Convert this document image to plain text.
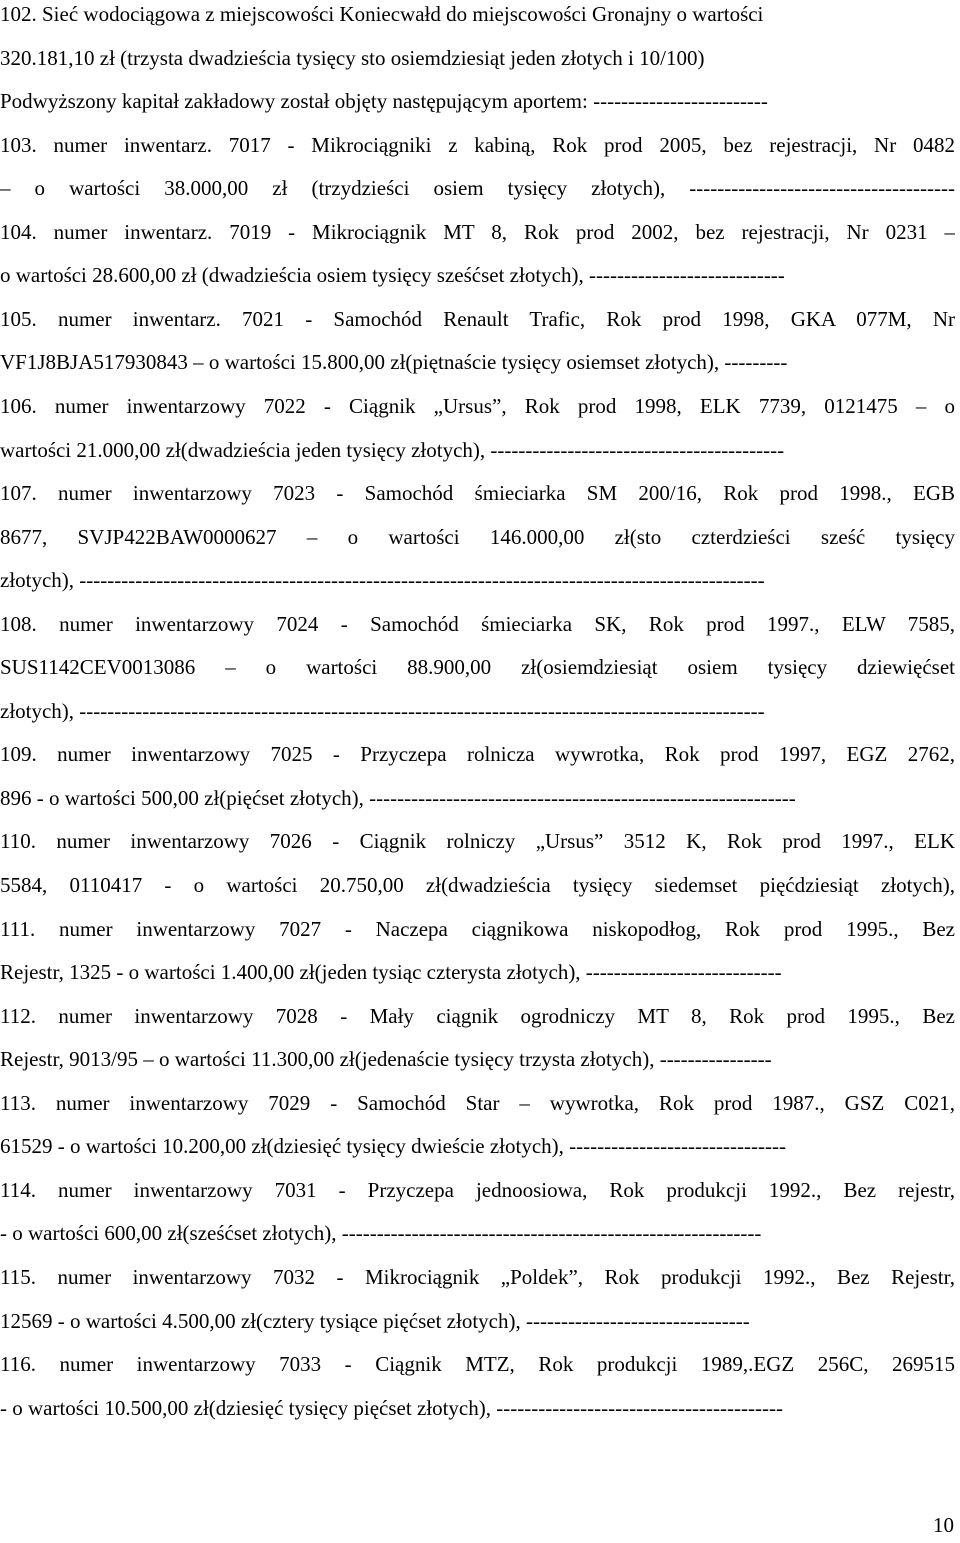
102. Sieć wodociągowa z miejscowości Koniecwałd do miejscowości Gronajny o wartości
320.181,10 zł (trzysta dwadzieścia tysięcy sto osiemdziesiąt jeden złotych i 10/100)
Podwyższony kapitał zakładowy został objęty następującym aportem: -------------------------
103. numer inwentarz. 7017 - Mikrociągniki z kabiną, Rok prod 2005, bez rejestracji, Nr 0482
– o wartości 38.000,00 zł (trzydzieści osiem tysięcy złotych), --------------------------------------
104. numer inwentarz. 7019 - Mikrociągnik MT 8, Rok prod 2002, bez rejestracji, Nr 0231 –
o wartości 28.600,00 zł (dwadzieścia osiem tysięcy sześćset złotych), ----------------------------
105. numer inwentarz. 7021 - Samochód Renault Trafic, Rok prod 1998, GKA 077M, Nr
VF1J8BJA517930843 – o wartości 15.800,00 zł(piętnaście tysięcy osiemset złotych), ---------
106. numer inwentarzowy 7022 - Ciągnik „Ursus”, Rok prod 1998, ELK 7739, 0121475 – o
wartości 21.000,00 zł(dwadzieścia jeden tysięcy złotych), ------------------------------------------
107. numer inwentarzowy 7023 - Samochód śmieciarka SM 200/16, Rok prod 1998., EGB
8677, SVJP422BAW0000627 – o wartości 146.000,00 zł(sto czterdzieści sześć tysięcy
złotych), --------------------------------------------------------------------------------------------------
108. numer inwentarzowy 7024 - Samochód śmieciarka SK, Rok prod 1997., ELW 7585,
SUS1142CEV0013086 – o wartości 88.900,00 zł(osiemdziesiąt osiem tysięcy dziewięćset
złotych), --------------------------------------------------------------------------------------------------
109. numer inwentarzowy 7025 - Przyczepa rolnicza wywrotka, Rok prod 1997, EGZ 2762,
896 - o wartości 500,00 zł(pięćset złotych), -------------------------------------------------------------
110. numer inwentarzowy 7026 - Ciągnik rolniczy „Ursus” 3512 K, Rok prod 1997., ELK
5584, 0110417 - o wartości 20.750,00 zł(dwadzieścia tysięcy siedemset pięćdziesiąt złotych),
111. numer inwentarzowy 7027 - Naczepa ciągnikowa niskopodłog, Rok prod 1995., Bez
Rejestr, 1325 - o wartości 1.400,00 zł(jeden tysiąc czterysta złotych), ----------------------------
112. numer inwentarzowy 7028 - Mały ciągnik ogrodniczy MT 8, Rok prod 1995., Bez
Rejestr, 9013/95 – o wartości 11.300,00 zł(jedenaście tysięcy trzysta złotych), ----------------
113. numer inwentarzowy 7029 - Samochód Star – wywrotka, Rok prod 1987., GSZ C021,
61529 - o wartości 10.200,00 zł(dziesięć tysięcy dwieście złotych), -------------------------------
114. numer inwentarzowy 7031 - Przyczepa jednoosiowa, Rok produkcji 1992., Bez rejestr,
- o wartości 600,00 zł(sześćset złotych), ------------------------------------------------------------
115. numer inwentarzowy 7032 - Mikrociągnik „Poldek”, Rok produkcji 1992., Bez Rejestr,
12569 - o wartości 4.500,00 zł(cztery tysiące pięćset złotych), --------------------------------
116. numer inwentarzowy 7033 - Ciągnik MTZ, Rok produkcji 1989,.EGZ 256C, 269515
- o wartości 10.500,00 zł(dziesięć tysięcy pięćset złotych), -----------------------------------------
10
